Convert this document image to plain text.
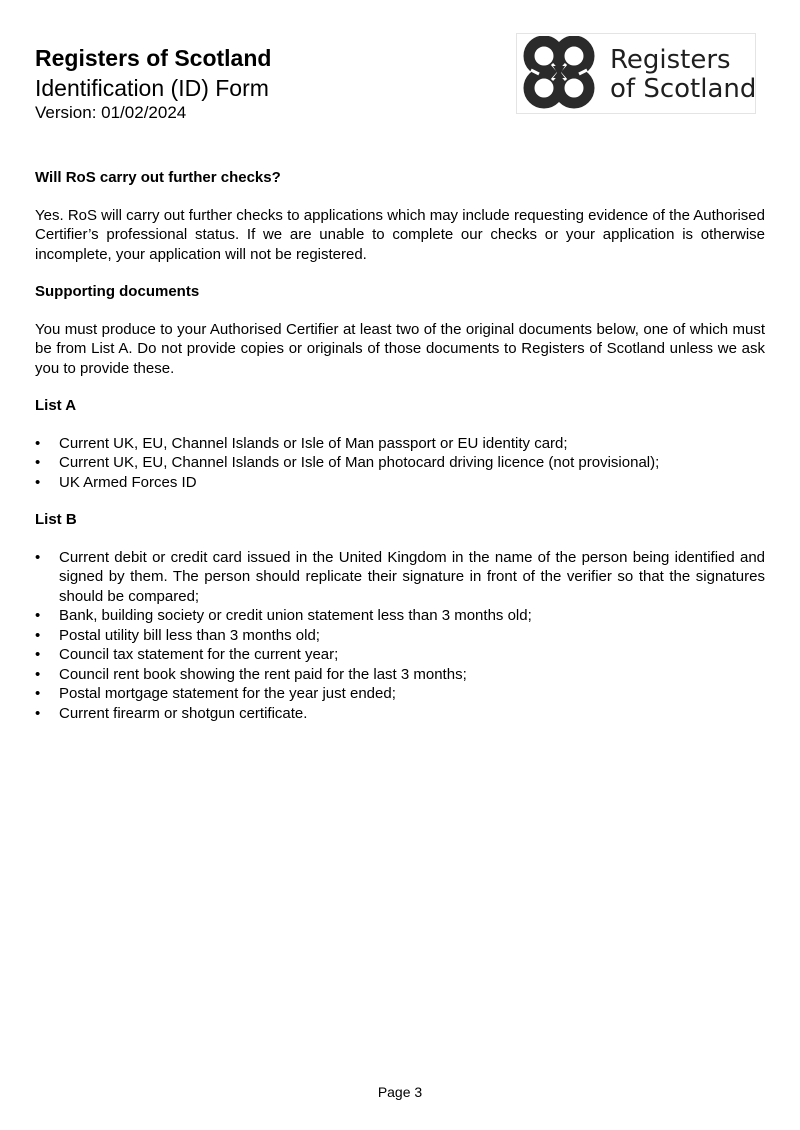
Registers of Scotland
Identification (ID) Form
Version: 01/02/2024
Registers
of Scotland
Will RoS carry out further checks?
Yes. RoS will carry out further checks to applications which may include requesting evidence of the Authorised Certifier’s professional status. If we are unable to complete our checks or your application is otherwise incomplete, your application will not be registered.
Supporting documents
You must produce to your Authorised Certifier at least two of the original documents below, one of which must be from List A. Do not provide copies or originals of those documents to Registers of Scotland unless we ask you to provide these.
List A
• Current UK, EU, Channel Islands or Isle of Man passport or EU identity card;
• Current UK, EU, Channel Islands or Isle of Man photocard driving licence (not provisional);
• UK Armed Forces ID
List B
• Current debit or credit card issued in the United Kingdom in the name of the person being identified and signed by them. The person should replicate their signature in front of the verifier so that the signatures should be compared;
• Bank, building society or credit union statement less than 3 months old;
• Postal utility bill less than 3 months old;
• Council tax statement for the current year;
• Council rent book showing the rent paid for the last 3 months;
• Postal mortgage statement for the year just ended;
• Current firearm or shotgun certificate.
Page 3
